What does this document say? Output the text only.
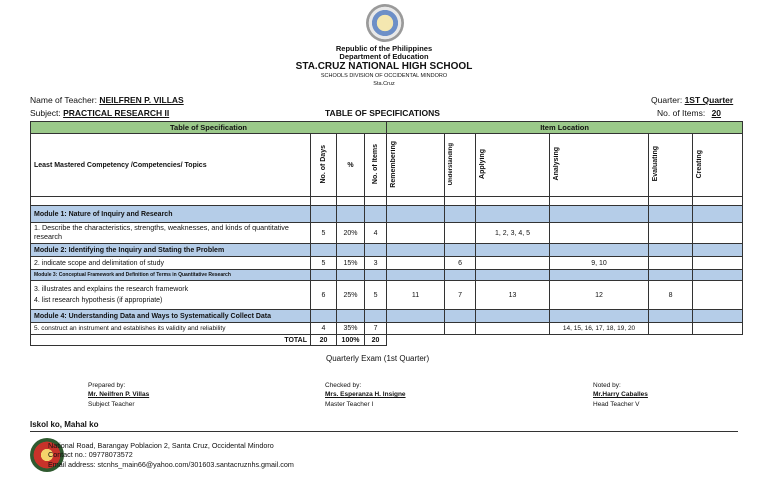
Republic of the Philippines
Department of Education
STA.CRUZ NATIONAL HIGH SCHOOL
SCHOOLS DIVISION OF OCCIDENTAL MINDORO
Sta.Cruz
Name of Teacher: NEILFREN P. VILLAS	Quarter: 1ST Quarter
Subject: PRACTICAL RESEARCH II	TABLE OF SPECIFICATIONS	No. of Items: 20
Table of Specification				Item Location					
Least Mastered Competency /Competencies/ Topics	No. of Days	%	No. of Items	Remembering	Understanding	Applying	Analysing	Evaluating	Creating

Module 1: Nature of Inquiry and Research									
1. Describe the characteristics, strengths, weaknesses, and kinds of quantitative research	5	20%	4			1, 2, 3, 4, 5			
Module 2: Identifying the Inquiry and Stating the Problem									
2. indicate scope and delimitation of study	5	15%	3		6		9, 10		
Module 3: Conceptual Framework and Definition of Terms in Quantitative Research									

3. illustrates and explains the research framework
4. list research hypothesis (if appropriate)	6	25%	5	11	7	13	12	8	
Module 4: Understanding Data and Ways to Systematically Collect Data									
5. construct an instrument and establishes its validity and reliability	4	35%	7				14, 15, 16, 17, 18, 19, 20		
TOTAL	20	100%	20						
Quarterly Exam (1st Quarter)
Prepared by:
Mr. Neilfren P. Villas
Subject Teacher
Checked by:
Mrs. Esperanza H. Insigne
Master Teacher I
Noted by:
Mr.Harry Caballes
Head Teacher V
Iskol ko, Mahal ko
National Road, Barangay Poblacion 2, Santa Cruz, Occidental Mindoro
Contact no.: 09778073572
Email address: stcnhs_main66@yahoo.com/301603.santacruznhs.gmail.com
